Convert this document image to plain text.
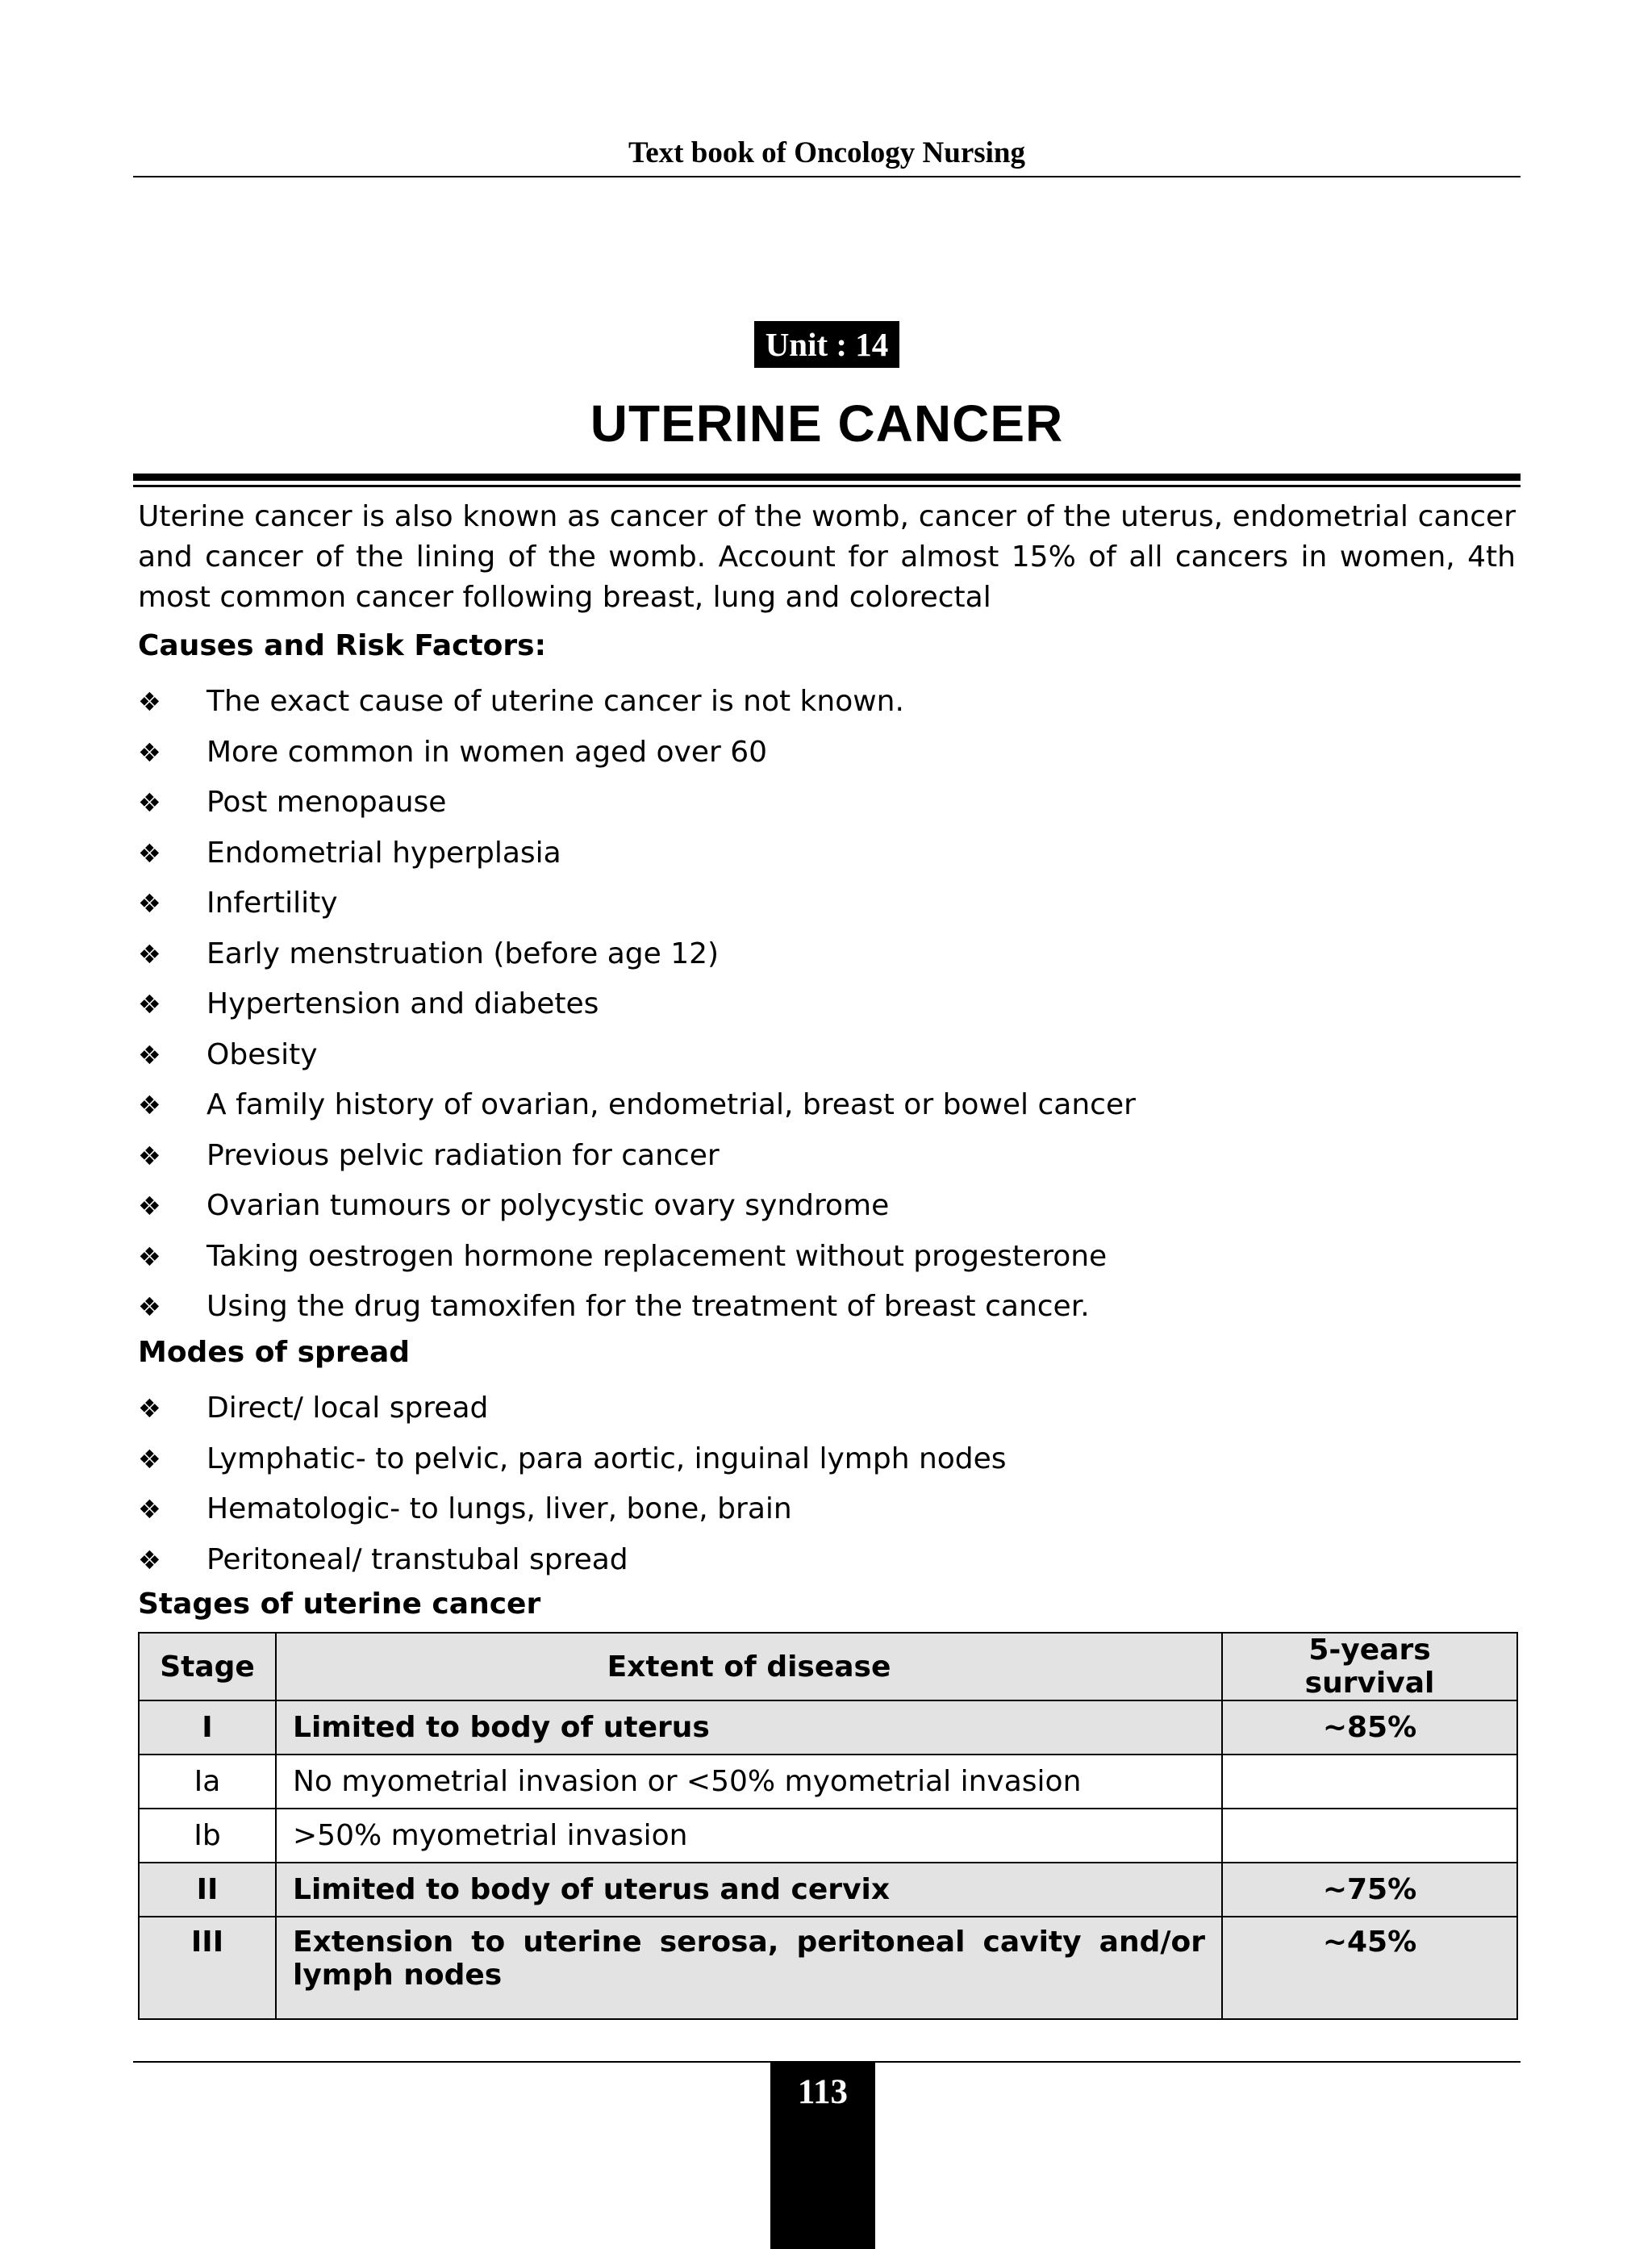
Text book of Oncology Nursing
Unit : 14
UTERINE CANCER

Uterine cancer is also known as cancer of the womb, cancer of the uterus, endometrial cancer and cancer of the lining of the womb. Account for almost 15% of all cancers in women, 4th most common cancer following breast, lung and colorectal

Causes and Risk Factors:
❖ The exact cause of uterine cancer is not known.
❖ More common in women aged over 60
❖ Post menopause
❖ Endometrial hyperplasia
❖ Infertility
❖ Early menstruation (before age 12)
❖ Hypertension and diabetes
❖ Obesity
❖ A family history of ovarian, endometrial, breast or bowel cancer
❖ Previous pelvic radiation for cancer
❖ Ovarian tumours or polycystic ovary syndrome
❖ Taking oestrogen hormone replacement without progesterone
❖ Using the drug tamoxifen for the treatment of breast cancer.
Modes of spread
❖ Direct/ local spread
❖ Lymphatic- to pelvic, para aortic, inguinal lymph nodes
❖ Hematologic- to lungs, liver, bone, brain
❖ Peritoneal/ transtubal spread
Stages of uterine cancer
Stage	Extent of disease	5-years survival
I	Limited to body of uterus	~85%
Ia	No myometrial invasion or <50% myometrial invasion	
Ib	>50% myometrial invasion	
II	Limited to body of uterus and cervix	~75%
III	Extension to uterine serosa, peritoneal cavity and/or lymph nodes	~45%
113
